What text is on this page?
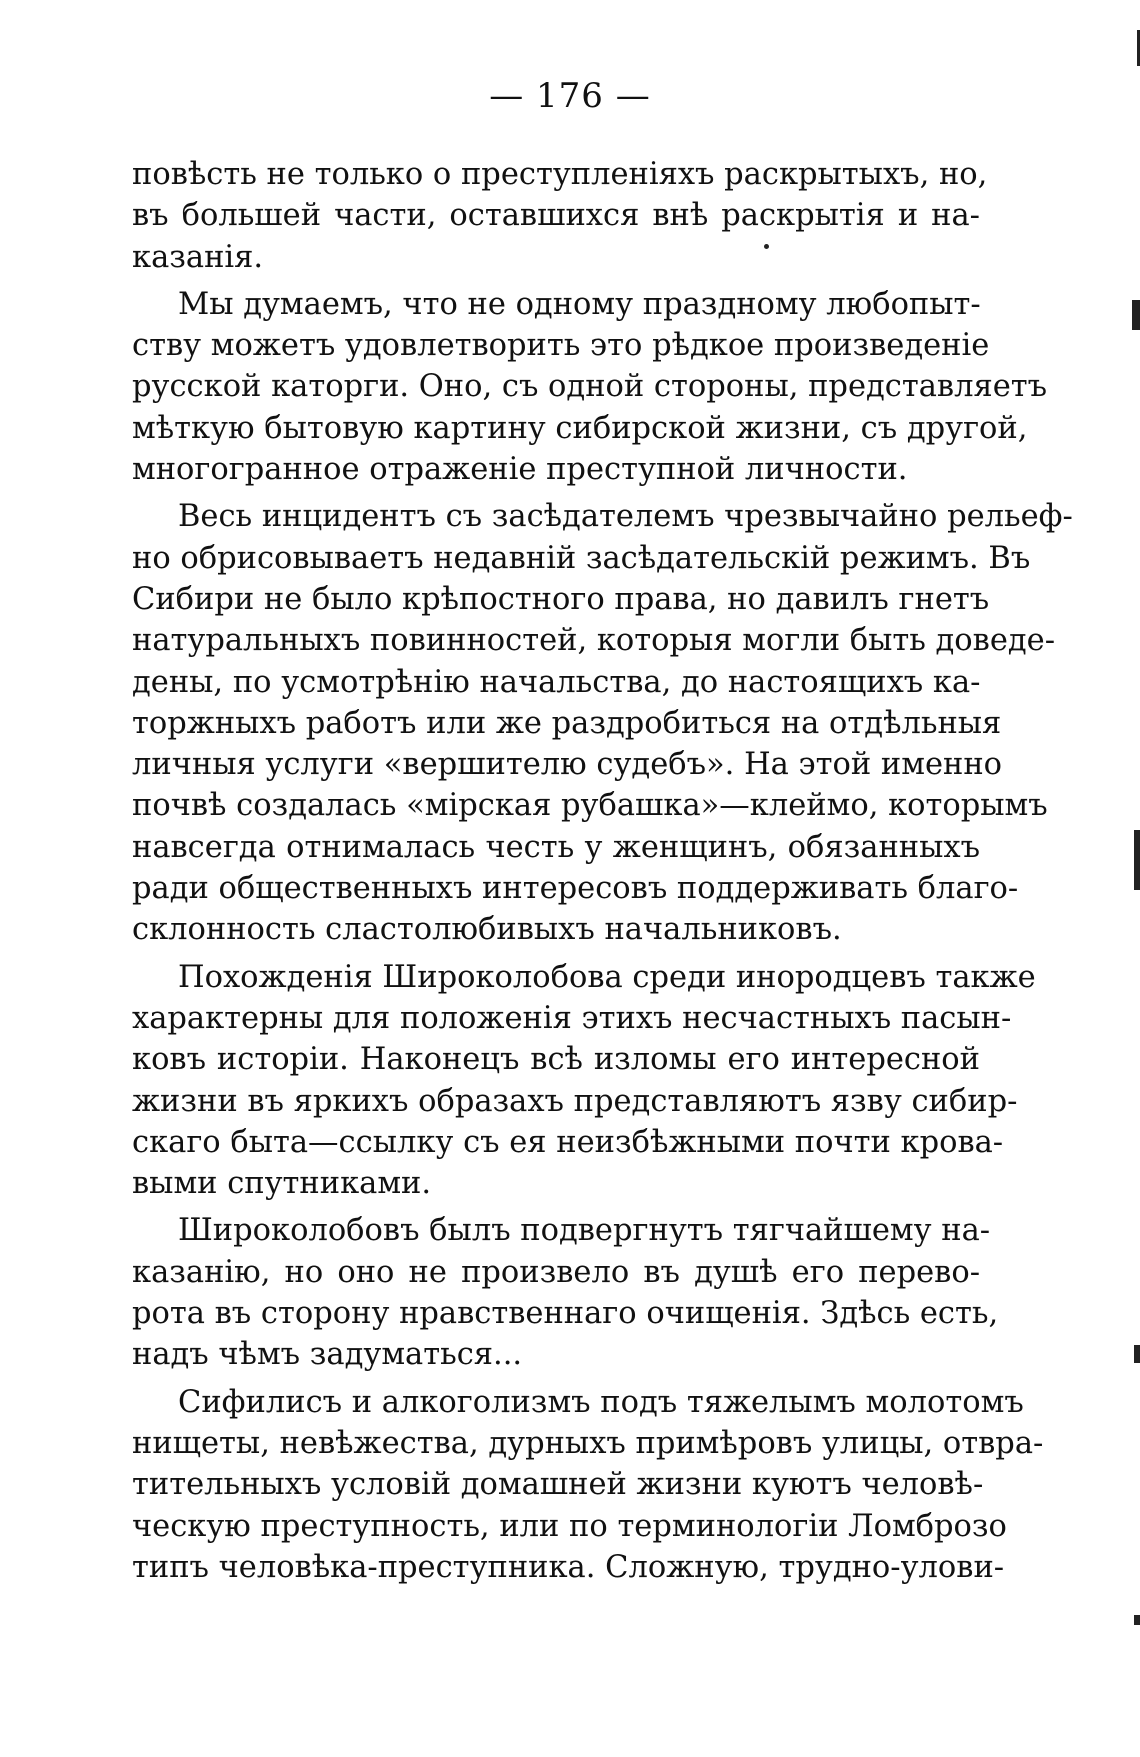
— 176 —
повѣсть не только о преступленіяхъ раскрытыхъ, но,
въ большей части, оставшихся внѣ раскрытія и на-
казанія.
Мы думаемъ, что не одному праздному любопыт-
ству можетъ удовлетворить это рѣдкое произведеніе
русской каторги. Оно, съ одной стороны, представляетъ
мѣткую бытовую картину сибирской жизни, съ другой,
многогранное отраженіе преступной личности.
Весь инцидентъ съ засѣдателемъ чрезвычайно рельеф-
но обрисовываетъ недавній засѣдательскій режимъ. Въ
Сибири не было крѣпостного права, но давилъ гнетъ
натуральныхъ повинностей, которыя могли быть доведе-
дены, по усмотрѣнію начальства, до настоящихъ ка-
торжныхъ работъ или же раздробиться на отдѣльныя
личныя услуги «вершителю судебъ». На этой именно
почвѣ создалась «мірская рубашка»—клеймо, которымъ
навсегда отнималась честь у женщинъ, обязанныхъ
ради общественныхъ интересовъ поддерживать благо-
склонность сластолюбивыхъ начальниковъ.
Похожденія Широколобова среди инородцевъ также
характерны для положенія этихъ несчастныхъ пасын-
ковъ исторіи. Наконецъ всѣ изломы его интересной
жизни въ яркихъ образахъ представляютъ язву сибир-
скаго быта—ссылку съ ея неизбѣжными почти крова-
выми спутниками.
Широколобовъ былъ подвергнутъ тягчайшему на-
казанію, но оно не произвело въ душѣ его перево-
рота въ сторону нравственнаго очищенія. Здѣсь есть,
надъ чѣмъ задуматься...
Сифилисъ и алкоголизмъ подъ тяжелымъ молотомъ
нищеты, невѣжества, дурныхъ примѣровъ улицы, отвра-
тительныхъ условій домашней жизни куютъ человѣ-
ческую преступность, или по терминологіи Ломброзо
типъ человѣка-преступника. Сложную, трудно-улови-
